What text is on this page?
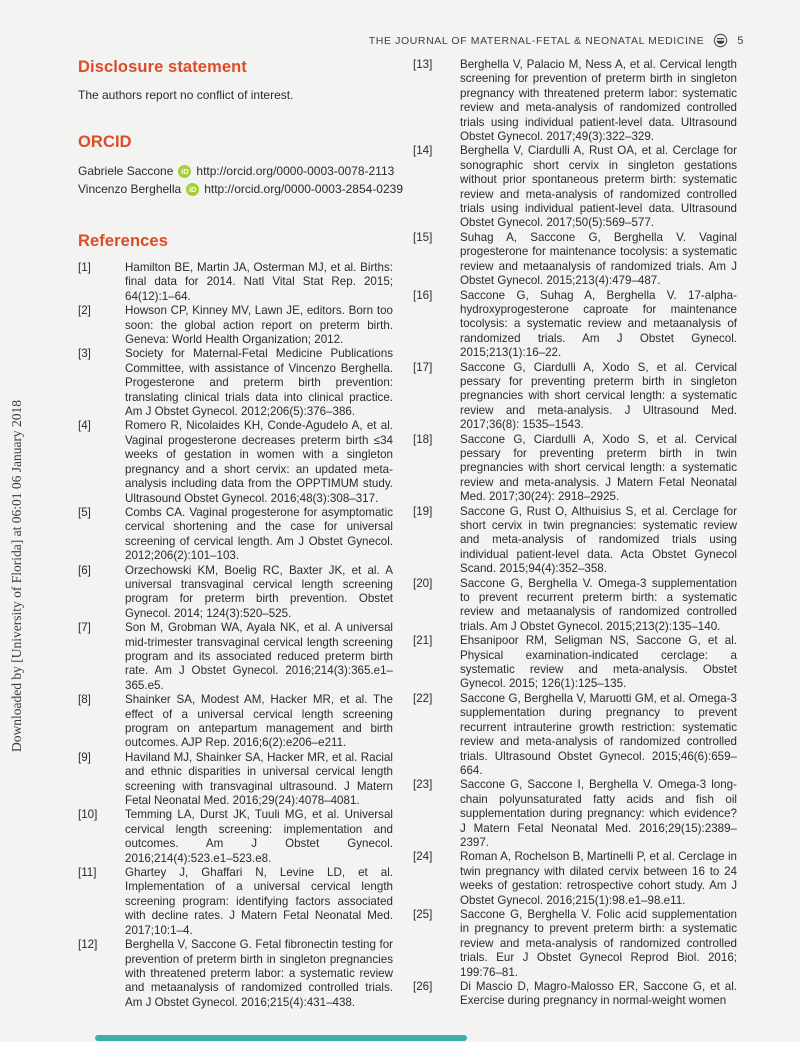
THE JOURNAL OF MATERNAL-FETAL & NEONATAL MEDICINE	5
Downloaded by [University of Florida] at 06:01 06 January 2018
Disclosure statement

The authors report no conflict of interest.

ORCID
Gabriele Saccone	iD http://orcid.org/0000-0003-0078-2113
Vincenzo Berghella	iD http://orcid.org/0000-0003-2854-0239
References
[1]	Hamilton BE, Martin JA, Osterman MJ, et al. Births: final data for 2014. Natl Vital Stat Rep. 2015; 64(12):1–64.
[2]	Howson CP, Kinney MV, Lawn JE, editors. Born too soon: the global action report on preterm birth. Geneva: World Health Organization; 2012.
[3]	Society for Maternal-Fetal Medicine Publications Committee, with assistance of Vincenzo Berghella. Progesterone and preterm birth prevention: translating clinical trials data into clinical practice. Am J Obstet Gynecol. 2012;206(5):376–386.
[4]	Romero R, Nicolaides KH, Conde-Agudelo A, et al. Vaginal progesterone decreases preterm birth ≤34 weeks of gestation in women with a singleton pregnancy and a short cervix: an updated meta-analysis including data from the OPPTIMUM study. Ultrasound Obstet Gynecol. 2016;48(3):308–317.
[5]	Combs CA. Vaginal progesterone for asymptomatic cervical shortening and the case for universal screening of cervical length. Am J Obstet Gynecol. 2012;206(2):101–103.
[6]	Orzechowski KM, Boelig RC, Baxter JK, et al. A universal transvaginal cervical length screening program for preterm birth prevention. Obstet Gynecol. 2014; 124(3):520–525.
[7]	Son M, Grobman WA, Ayala NK, et al. A universal mid-trimester transvaginal cervical length screening program and its associated reduced preterm birth rate. Am J Obstet Gynecol. 2016;214(3):365.e1–365.e5.
[8]	Shainker SA, Modest AM, Hacker MR, et al. The effect of a universal cervical length screening program on antepartum management and birth outcomes. AJP Rep. 2016;6(2):e206–e211.
[9]	Haviland MJ, Shainker SA, Hacker MR, et al. Racial and ethnic disparities in universal cervical length screening with transvaginal ultrasound. J Matern Fetal Neonatal Med. 2016;29(24):4078–4081.
[10]	Temming LA, Durst JK, Tuuli MG, et al. Universal cervical length screening: implementation and outcomes. Am J Obstet Gynecol. 2016;214(4):523.e1–523.e8.
[11]	Ghartey J, Ghaffari N, Levine LD, et al. Implementation of a universal cervical length screening program: identifying factors associated with decline rates. J Matern Fetal Neonatal Med. 2017;10:1–4.
[12]	Berghella V, Saccone G. Fetal fibronectin testing for prevention of preterm birth in singleton pregnancies with threatened preterm labor: a systematic review and metaanalysis of randomized controlled trials. Am J Obstet Gynecol. 2016;215(4):431–438.
[13]	Berghella V, Palacio M, Ness A, et al. Cervical length screening for prevention of preterm birth in singleton pregnancy with threatened preterm labor: systematic review and meta-analysis of randomized controlled trials using individual patient-level data. Ultrasound Obstet Gynecol. 2017;49(3):322–329.
[14]	Berghella V, Ciardulli A, Rust OA, et al. Cerclage for sonographic short cervix in singleton gestations without prior spontaneous preterm birth: systematic review and meta-analysis of randomized controlled trials using individual patient-level data. Ultrasound Obstet Gynecol. 2017;50(5):569–577.
[15]	Suhag A, Saccone G, Berghella V. Vaginal progesterone for maintenance tocolysis: a systematic review and metaanalysis of randomized trials. Am J Obstet Gynecol. 2015;213(4):479–487.
[16]	Saccone G, Suhag A, Berghella V. 17-alpha-hydroxyprogesterone caproate for maintenance tocolysis: a systematic review and metaanalysis of randomized trials. Am J Obstet Gynecol. 2015;213(1):16–22.
[17]	Saccone G, Ciardulli A, Xodo S, et al. Cervical pessary for preventing preterm birth in singleton pregnancies with short cervical length: a systematic review and meta-analysis. J Ultrasound Med. 2017;36(8): 1535–1543.
[18]	Saccone G, Ciardulli A, Xodo S, et al. Cervical pessary for preventing preterm birth in twin pregnancies with short cervical length: a systematic review and meta-analysis. J Matern Fetal Neonatal Med. 2017;30(24): 2918–2925.
[19]	Saccone G, Rust O, Althuisius S, et al. Cerclage for short cervix in twin pregnancies: systematic review and meta-analysis of randomized trials using individual patient-level data. Acta Obstet Gynecol Scand. 2015;94(4):352–358.
[20]	Saccone G, Berghella V. Omega-3 supplementation to prevent recurrent preterm birth: a systematic review and metaanalysis of randomized controlled trials. Am J Obstet Gynecol. 2015;213(2):135–140.
[21]	Ehsanipoor RM, Seligman NS, Saccone G, et al. Physical examination-indicated cerclage: a systematic review and meta-analysis. Obstet Gynecol. 2015; 126(1):125–135.
[22]	Saccone G, Berghella V, Maruotti GM, et al. Omega-3 supplementation during pregnancy to prevent recurrent intrauterine growth restriction: systematic review and meta-analysis of randomized controlled trials. Ultrasound Obstet Gynecol. 2015;46(6):659–664.
[23]	Saccone G, Saccone I, Berghella V. Omega-3 long-chain polyunsaturated fatty acids and fish oil supplementation during pregnancy: which evidence? J Matern Fetal Neonatal Med. 2016;29(15):2389–2397.
[24]	Roman A, Rochelson B, Martinelli P, et al. Cerclage in twin pregnancy with dilated cervix between 16 to 24 weeks of gestation: retrospective cohort study. Am J Obstet Gynecol. 2016;215(1):98.e1–98.e11.
[25]	Saccone G, Berghella V. Folic acid supplementation in pregnancy to prevent preterm birth: a systematic review and meta-analysis of randomized controlled trials. Eur J Obstet Gynecol Reprod Biol. 2016; 199:76–81.
[26]	Di Mascio D, Magro-Malosso ER, Saccone G, et al. Exercise during pregnancy in normal-weight women
